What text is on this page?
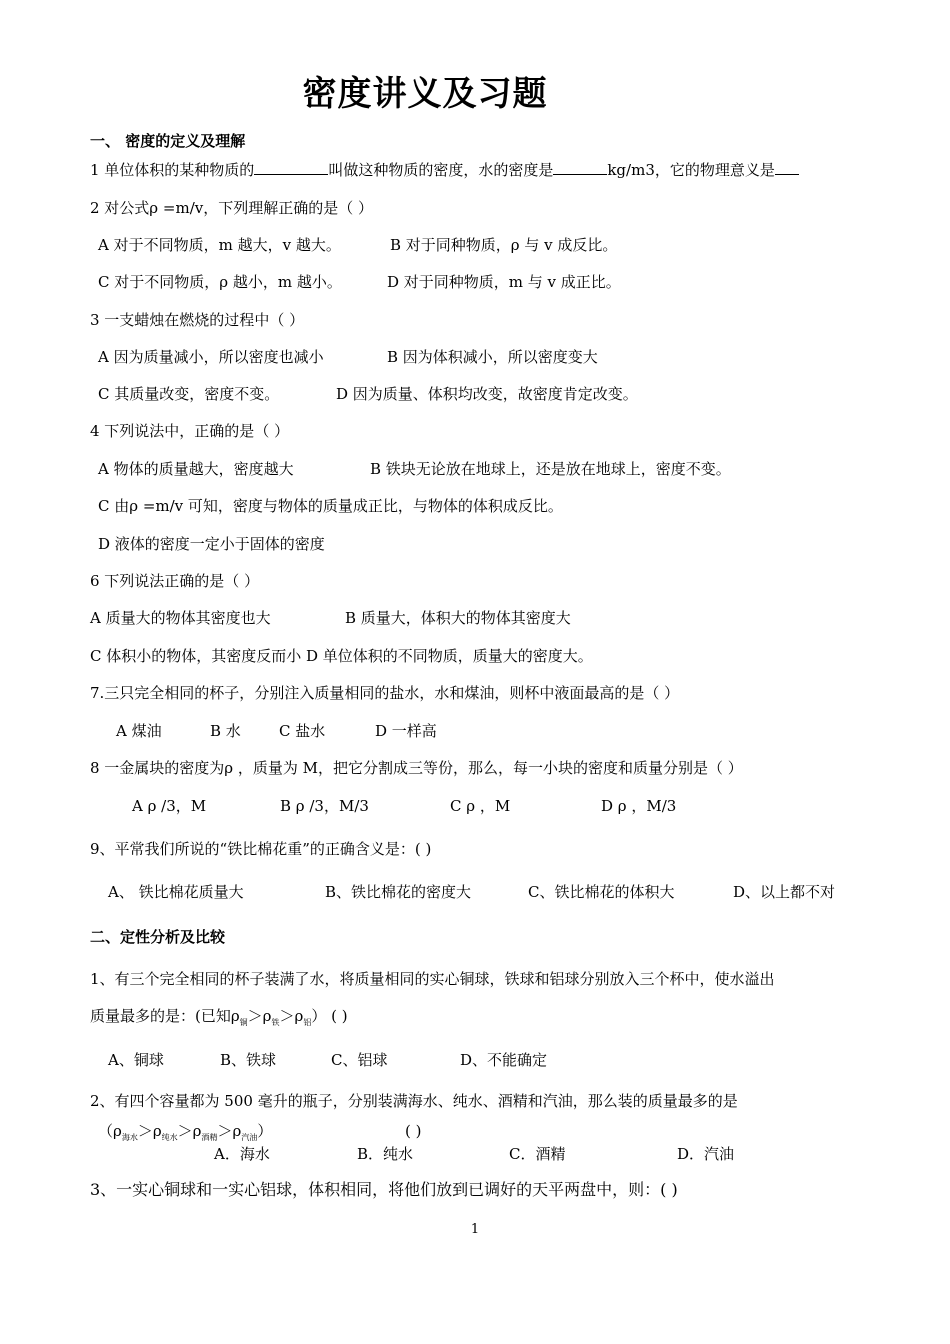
密度讲义及习题
一、 密度的定义及理解
1 单位体积的某种物质的	叫做这种物质的密度，水的密度是	kg/m3，它的物理意义是
2 对公式ρ =m/v，下列理解正确的是（ ）
A 对于不同物质，m 越大，v 越大。	B 对于同种物质，ρ 与 v 成反比。
C 对于不同物质，ρ 越小，m 越小。	D 对于同种物质，m 与 v 成正比。
3 一支蜡烛在燃烧的过程中（ ）
A 因为质量减小，所以密度也减小	B 因为体积减小，所以密度变大
C 其质量改变，密度不变。	D 因为质量、体积均改变，故密度肯定改变。
4 下列说法中，正确的是（ ）
A 物体的质量越大，密度越大	B 铁块无论放在地球上，还是放在地球上，密度不变。
C 由ρ =m/v 可知，密度与物体的质量成正比，与物体的体积成反比。
D 液体的密度一定小于固体的密度
6 下列说法正确的是（ ）
A 质量大的物体其密度也大	B 质量大，体积大的物体其密度大
C 体积小的物体，其密度反而小 D 单位体积的不同物质，质量大的密度大。
7.三只完全相同的杯子，分别注入质量相同的盐水，水和煤油，则杯中液面最高的是（ ）
A 煤油	B 水	C 盐水	D 一样高
8 一金属块的密度为ρ ，质量为 M，把它分割成三等份，那么，每一小块的密度和质量分别是（ ）
A ρ /3，M	B ρ /3，M/3	C ρ ，M	D ρ ，M/3
9、平常我们所说的“铁比棉花重”的正确含义是：( )
A、 铁比棉花质量大	B、铁比棉花的密度大	C、铁比棉花的体积大	D、以上都不对
二、定性分析及比较
1、有三个完全相同的杯子装满了水，将质量相同的实心铜球，铁球和铝球分别放入三个杯中，使水溢出
质量最多的是：(已知$\rho_铜>\rho_铁>\rho_铝$） ( )
A、铜球	B、铁球	C、铝球	D、不能确定
2、有四个容量都为 500 毫升的瓶子，分别装满海水、纯水、酒精和汽油，那么装的质量最多的是
$(\rho_{海水}>\rho_{纯水}>\rho_{酒精}>\rho_{汽油})$	( )
A．海水	B．纯水	C．酒精	D．汽油
3、一实心铜球和一实心铝球，体积相同，将他们放到已调好的天平两盘中，则：( )
1
